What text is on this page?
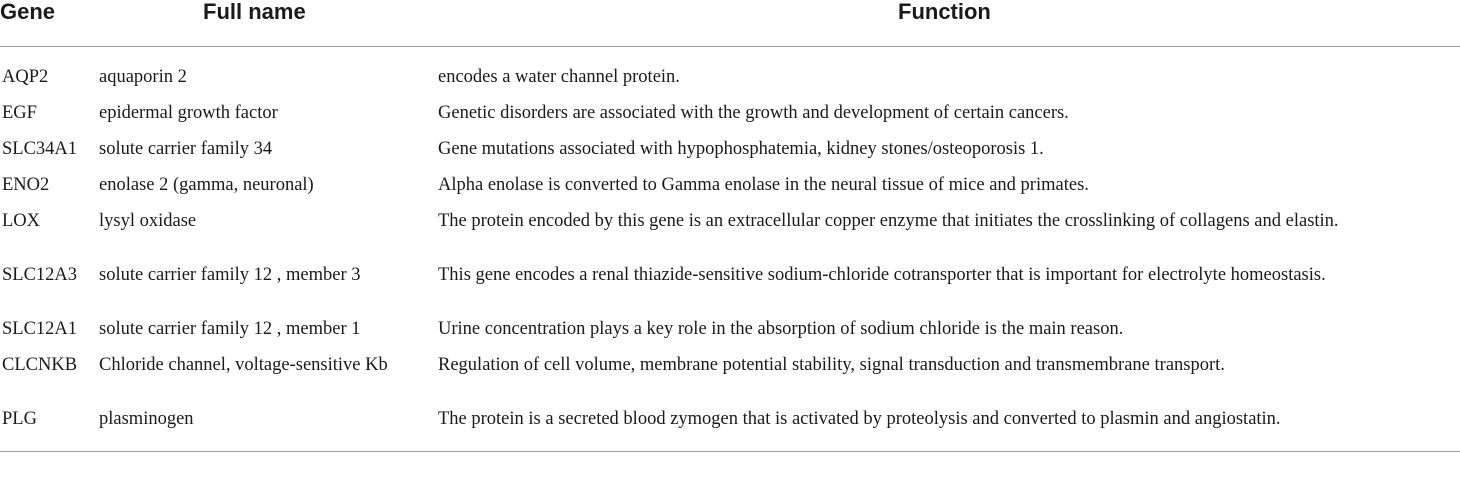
Gene	Full name	Function
AQP2	aquaporin 2	encodes a water channel protein.
EGF	epidermal growth factor	Genetic disorders are associated with the growth and development of certain cancers.
SLC34A1	solute carrier family 34	Gene mutations associated with hypophosphatemia, kidney stones/osteoporosis 1.
ENO2	enolase 2 (gamma, neuronal)	Alpha enolase is converted to Gamma enolase in the neural tissue of mice and primates.
LOX	lysyl oxidase	The protein encoded by this gene is an extracellular copper enzyme that initiates the crosslinking of collagens and elastin.
SLC12A3	solute carrier family 12 , member 3	This gene encodes a renal thiazide-sensitive sodium-chloride cotransporter that is important for electrolyte homeostasis.
SLC12A1	solute carrier family 12 , member 1	Urine concentration plays a key role in the absorption of sodium chloride is the main reason.
CLCNKB	Chloride channel, voltage-sensitive Kb	Regulation of cell volume, membrane potential stability, signal transduction and transmembrane transport.
PLG	plasminogen	The protein is a secreted blood zymogen that is activated by proteolysis and converted to plasmin and angiostatin.
